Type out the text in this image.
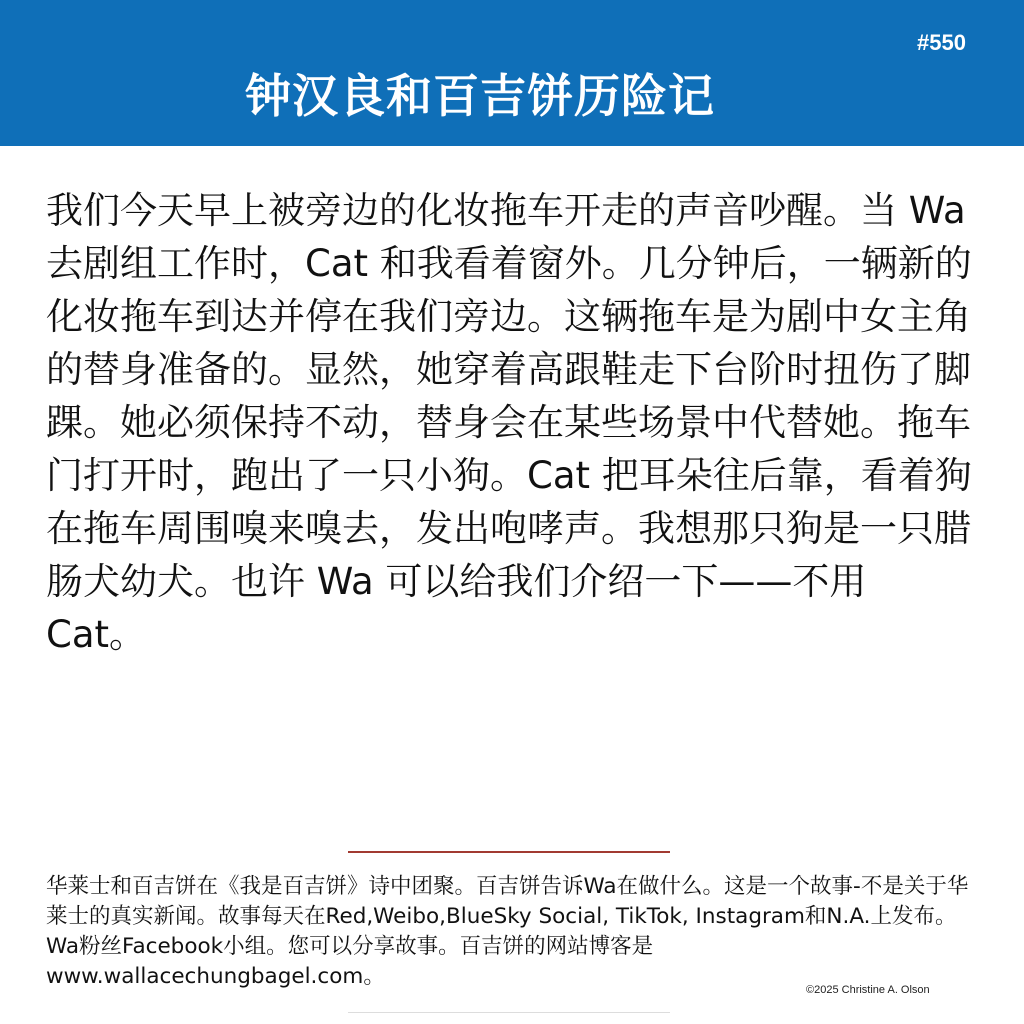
#550
钟汉良和百吉饼历险记

我们今天早上被旁边的化妆拖车开走的声音吵醒。当 Wa 去剧组工作时，Cat 和我看着窗外。几分钟后，一辆新的化妆拖车到达并停在我们旁边。这辆拖车是为剧中女主角的替身准备的。显然，她穿着高跟鞋走下台阶时扭伤了脚踝。她必须保持不动，替身会在某些场景中代替她。拖车门打开时，跑出了一只小狗。Cat 把耳朵往后靠，看着狗在拖车周围嗅来嗅去，发出咆哮声。我想那只狗是一只腊肠犬幼犬。也许 Wa 可以给我们介绍一下——不用 Cat。

华莱士和百吉饼在《我是百吉饼》诗中团聚。百吉饼告诉Wa在做什么。这是一个故事-不是关于华莱士的真实新闻。故事每天在Red,Weibo,BlueSky Social, TikTok, Instagram和N.A.上发布。Wa粉丝Facebook小组。您可以分享故事。百吉饼的网站博客是www.wallacechungbagel.com。

©2025 Christine A. Olson
